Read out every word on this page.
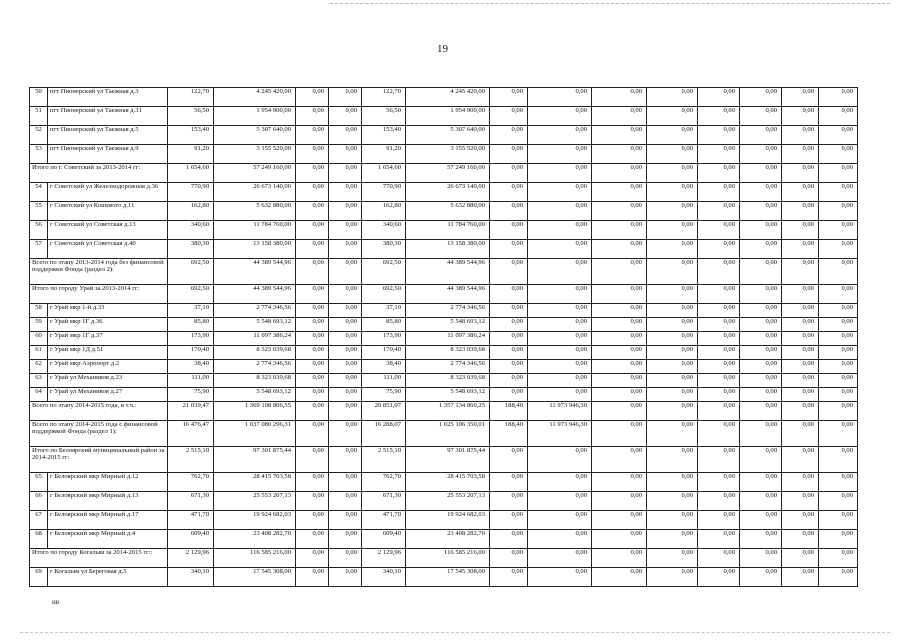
19
50	пгт Пионерский ул Таежная д.3	122,70	4 245 420,00	0,00	0,00	122,70	4 245 420,00	0,00	0,00	0,00	0,00	0,00	0,00	0,00	0,00
51	пгт Пионерский ул Таежная д.31	56,50	1 954 900,00	0,00	0,00	56,50	1 954 900,00	0,00	0,00	0,00	0,00	0,00	0,00	0,00	0,00
52	пгт Пионерский ул Таежная д.5	153,40	5 307 640,00	0,00	0,00	153,40	5 307 640,00	0,00	0,00	0,00	0,00	0,00	0,00	0,00	0,00
53	пгт Пионерский ул Таежная д.9	91,20	3 155 520,00	0,00	0,00	91,20	3 155 520,00	0,00	0,00	0,00	0,00	0,00	0,00	0,00	0,00
Итого по г. Советский за 2013-2014 гг:		1 654,60	57 249 160,00	0,00	0,00	1 654,60	57 249 160,00	0,00	0,00	0,00	0,00	0,00	0,00	0,00	0,00
54	г Советский ул Железнодорожная д.36	770,90	26 673 140,00	0,00	0,00	770,90	26 673 140,00	0,00	0,00	0,00	0,00	0,00	0,00	0,00	0,00
55	г Советский ул Кошевого д.11	162,80	5 632 880,00	0,00	0,00	162,80	5 632 880,00	0,00	0,00	0,00	0,00	0,00	0,00	0,00	0,00
56	г Советский ул Советская д.13	340,60	11 784 760,00	0,00	0,00	340,60	11 784 760,00	0,00	0,00	0,00	0,00	0,00	0,00	0,00	0,00
57	г Советский ул Советская д.40	380,30	13 158 380,00	0,00	0,00	380,30	13 158 380,00	0,00	0,00	0,00	0,00	0,00	0,00	0,00	0,00
Всего по этапу 2013-2014 года без финансовой поддержки Фонда (раздел 2):		692,50	44 389 544,96	0,00	0,00	692,50	44 389 544,96	0,00	0,00	0,00	0,00	0,00	0,00	0,00	0,00
Итого по городу Урай за 2013-2014 гг:		692,50	44 389 544,96	0,00	0,00	692,50	44 389 544,96	0,00	0,00	0,00	0,00	0,00	0,00	0,00	0,00
58	г Урай мкр 1-й д.33	37,10	2 774 346,56	0,00	0,00	37,10	2 774 346,56	0,00	0,00	0,00	0,00	0,00	0,00	0,00	0,00
59	г Урай мкр 1Г д.36	85,80	5 548 693,12	0,00	0,00	85,80	5 548 693,12	0,00	0,00	0,00	0,00	0,00	0,00	0,00	0,00
60	г Урай мкр 1Г д.37	173,90	11 097 386,24	0,00	0,00	173,90	11 097 386,24	0,00	0,00	0,00	0,00	0,00	0,00	0,00	0,00
61	г Урай мкр 1Д д.51	170,40	8 323 039,68	0,00	0,00	170,40	8 323 039,68	0,00	0,00	0,00	0,00	0,00	0,00	0,00	0,00
62	г Урай мкр Аэропорт д.2	38,40	2 774 346,56	0,00	0,00	38,40	2 774 346,56	0,00	0,00	0,00	0,00	0,00	0,00	0,00	0,00
63	г Урай ул Механиков д.23	111,00	8 323 039,68	0,00	0,00	111,00	8 323 039,68	0,00	0,00	0,00	0,00	0,00	0,00	0,00	0,00
64	г Урай ул Механиков д.27	75,90	5 548 693,12	0,00	0,00	75,90	5 548 693,12	0,00	0,00	0,00	0,00	0,00	0,00	0,00	0,00
Всего по этапу 2014-2015 года, в т.ч.:		21 039,47	1 369 108 806,55	0,00	0,00	20 851,07	1 357 134 860,25	188,40	11 973 946,30	0,00	0,00	0,00	0,00	0,00	0,00
Всего по этапу 2014-2015 года с финансовой поддержкой Фонда (раздел 1):		16 476,47	1 037 080 296,31	0,00	0,00	16 288,07	1 025 106 350,01	188,40	11 973 946,30	0,00	0,00	0,00	0,00	0,00	0,00
Итого по Белоярский муниципальный район за 2014-2015 гг:		2 515,10	97 301 875,44	0,00	0,00	2 515,10	97 301 875,44	0,00	0,00	0,00	0,00	0,00	0,00	0,00	0,00
65	г Белоярский мкр Мирный д.12	762,70	28 415 703,58	0,00	0,00	762,70	28 415 703,58	0,00	0,00	0,00	0,00	0,00	0,00	0,00	0,00
66	г Белоярский мкр Мирный д.13	671,30	25 553 207,13	0,00	0,00	671,30	25 553 207,13	0,00	0,00	0,00	0,00	0,00	0,00	0,00	0,00
67	г Белоярский мкр Мирный д.17	471,70	19 924 682,03	0,00	0,00	471,70	19 924 682,03	0,00	0,00	0,00	0,00	0,00	0,00	0,00	0,00
68	г Белоярский мкр Мирный д.4	609,40	23 408 282,70	0,00	0,00	609,40	23 408 282,70	0,00	0,00	0,00	0,00	0,00	0,00	0,00	0,00
Итого по городу Когалым за 2014-2015 гг::		2 129,96	116 585 216,00	0,00	0,00	2 129,96	116 585 216,00	0,00	0,00	0,00	0,00	0,00	0,00	0,00	0,00
69	г Когалым ул Береговая д.5	340,10	17 545 308,00	0,00	0,00	340,10	17 545 308,00	0,00	0,00	0,00	0,00	0,00	0,00	0,00	0,00
нв
